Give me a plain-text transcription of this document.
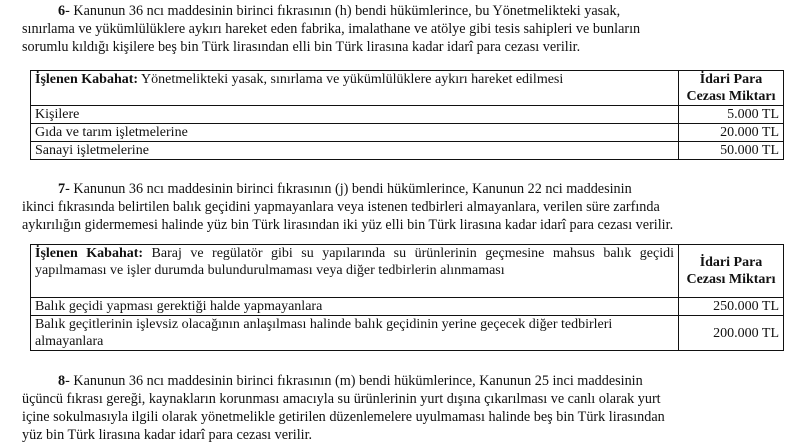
6- Kanunun 36 ncı maddesinin birinci fıkrasının (h) bendi hükümlerince, bu Yönetmelikteki yasak,
sınırlama ve yükümlülüklere aykırı hareket eden fabrika, imalathane ve atölye gibi tesis sahipleri ve bunların
sorumlu kıldığı kişilere beş bin Türk lirasından elli bin Türk lirasına kadar idarî para cezası verilir.
İşlenen Kabahat: Yönetmelikteki yasak, sınırlama ve yükümlülüklere aykırı hareket edilmesi	İdari Para Cezası Miktarı
Kişilere	5.000 TL
Gıda ve tarım işletmelerine	20.000 TL
Sanayi işletmelerine	50.000 TL
7- Kanunun 36 ncı maddesinin birinci fıkrasının (j) bendi hükümlerince, Kanunun 22 nci maddesinin
ikinci fıkrasında belirtilen balık geçidini yapmayanlara veya istenen tedbirleri almayanlara, verilen süre zarfında
aykırılığın gidermemesi halinde yüz bin Türk lirasından iki yüz elli bin Türk lirasına kadar idarî para cezası verilir.
İşlenen Kabahat: Baraj ve regülatör gibi su yapılarında su ürünlerinin geçmesine mahsus balık geçidi yapılmaması ve işler durumda bulundurulmaması veya diğer tedbirlerin alınmaması	İdari Para Cezası Miktarı
Balık geçidi yapması gerektiği halde yapmayanlara	250.000 TL
Balık geçitlerinin işlevsiz olacağının anlaşılması halinde balık geçidinin yerine geçecek diğer tedbirleri almayanlara	200.000 TL
8- Kanunun 36 ncı maddesinin birinci fıkrasının (m) bendi hükümlerince, Kanunun 25 inci maddesinin
üçüncü fıkrası gereği, kaynakların korunması amacıyla su ürünlerinin yurt dışına çıkarılması ve canlı olarak yurt
içine sokulmasıyla ilgili olarak yönetmelikle getirilen düzenlemelere uyulmaması halinde beş bin Türk lirasından
yüz bin Türk lirasına kadar idarî para cezası verilir.
